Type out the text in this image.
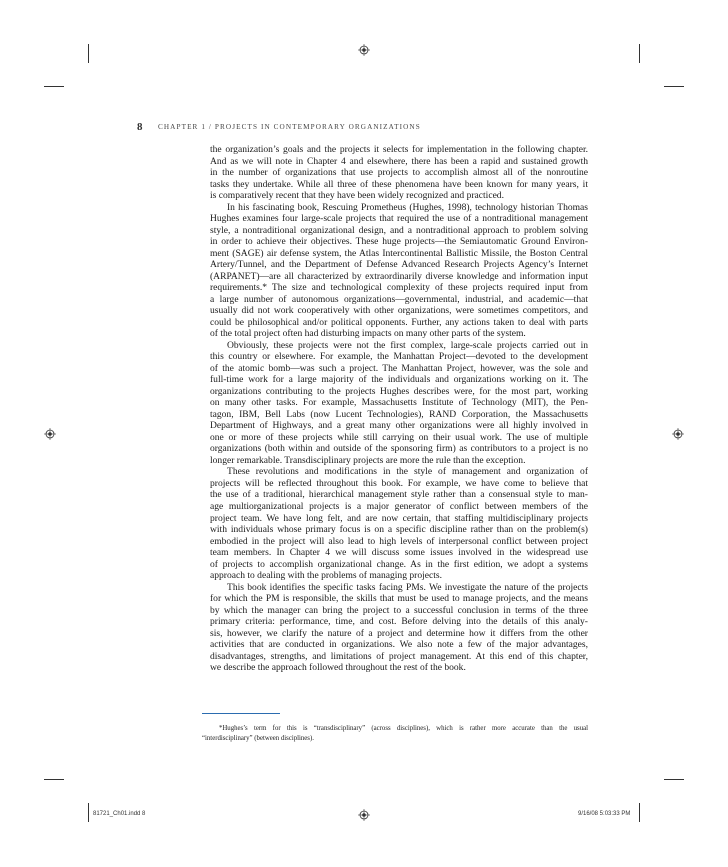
8 CHAPTER 1 / PROJECTS IN CONTEMPORARY ORGANIZATIONS
the organization’s goals and the projects it selects for implementation in the following chapter.
And as we will note in Chapter 4 and elsewhere, there has been a rapid and sustained growth
in the number of organizations that use projects to accomplish almost all of the nonroutine
tasks they undertake. While all three of these phenomena have been known for many years, it
is comparatively recent that they have been widely recognized and practiced.
In his fascinating book, Rescuing Prometheus (Hughes, 1998), technology historian Thomas
Hughes examines four large-scale projects that required the use of a nontraditional management
style, a nontraditional organizational design, and a nontraditional approach to problem solving
in order to achieve their objectives. These huge projects—the Semiautomatic Ground Environ-
ment (SAGE) air defense system, the Atlas Intercontinental Ballistic Missile, the Boston Central
Artery/Tunnel, and the Department of Defense Advanced Research Projects Agency’s Internet
(ARPANET)—are all characterized by extraordinarily diverse knowledge and information input
requirements.* The size and technological complexity of these projects required input from
a large number of autonomous organizations—governmental, industrial, and academic—that
usually did not work cooperatively with other organizations, were sometimes competitors, and
could be philosophical and/or political opponents. Further, any actions taken to deal with parts
of the total project often had disturbing impacts on many other parts of the system.
Obviously, these projects were not the first complex, large-scale projects carried out in
this country or elsewhere. For example, the Manhattan Project—devoted to the development
of the atomic bomb—was such a project. The Manhattan Project, however, was the sole and
full-time work for a large majority of the individuals and organizations working on it. The
organizations contributing to the projects Hughes describes were, for the most part, working
on many other tasks. For example, Massachusetts Institute of Technology (MIT), the Pen-
tagon, IBM, Bell Labs (now Lucent Technologies), RAND Corporation, the Massachusetts
Department of Highways, and a great many other organizations were all highly involved in
one or more of these projects while still carrying on their usual work. The use of multiple
organizations (both within and outside of the sponsoring firm) as contributors to a project is no
longer remarkable. Transdisciplinary projects are more the rule than the exception.
These revolutions and modifications in the style of management and organization of
projects will be reflected throughout this book. For example, we have come to believe that
the use of a traditional, hierarchical management style rather than a consensual style to man-
age multiorganizational projects is a major generator of conflict between members of the
project team. We have long felt, and are now certain, that staffing multidisciplinary projects
with individuals whose primary focus is on a specific discipline rather than on the problem(s)
embodied in the project will also lead to high levels of interpersonal conflict between project
team members. In Chapter 4 we will discuss some issues involved in the widespread use
of projects to accomplish organizational change. As in the first edition, we adopt a systems
approach to dealing with the problems of managing projects.
This book identifies the specific tasks facing PMs. We investigate the nature of the projects
for which the PM is responsible, the skills that must be used to manage projects, and the means
by which the manager can bring the project to a successful conclusion in terms of the three
primary criteria: performance, time, and cost. Before delving into the details of this analy-
sis, however, we clarify the nature of a project and determine how it differs from the other
activities that are conducted in organizations. We also note a few of the major advantages,
disadvantages, strengths, and limitations of project management. At this end of this chapter,
we describe the approach followed throughout the rest of the book.
*Hughes’s term for this is “transdisciplinary” (across disciplines), which is rather more accurate than the usual
“interdisciplinary” (between disciplines).
81721_Ch01.indd 8	9/16/08 5:03:33 PM
